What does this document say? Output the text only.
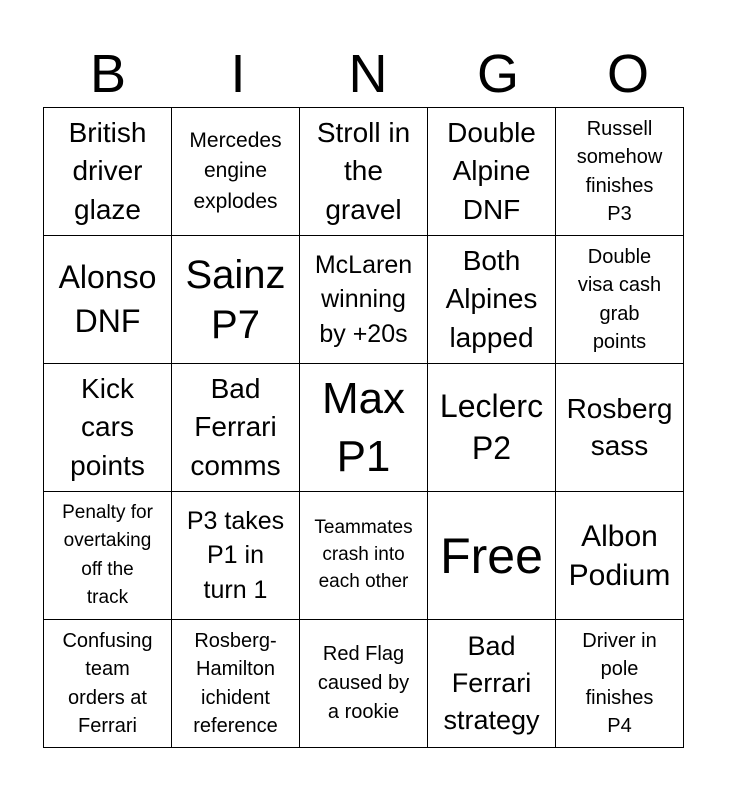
B	I	N	G	O
British
driver
glaze	Mercedes
engine
explodes	Stroll in
the
gravel	Double
Alpine
DNF	Russell
somehow
finishes
P3

Alonso
DNF	Sainz
P7	McLaren
winning
by +20s	Both
Alpines
lapped	Double
visa cash
grab
points

Kick
cars
points	Bad
Ferrari
comms	Max
P1	Leclerc
P2	Rosberg
sass

Penalty for
overtaking
off the
track	P3 takes
P1 in
turn 1	Teammates
crash into
each other	Free	Albon
Podium

Confusing
team
orders at
Ferrari	Rosberg-
Hamilton
ichident
reference	Red Flag
caused by
a rookie	Bad
Ferrari
strategy	Driver in
pole
finishes
P4
